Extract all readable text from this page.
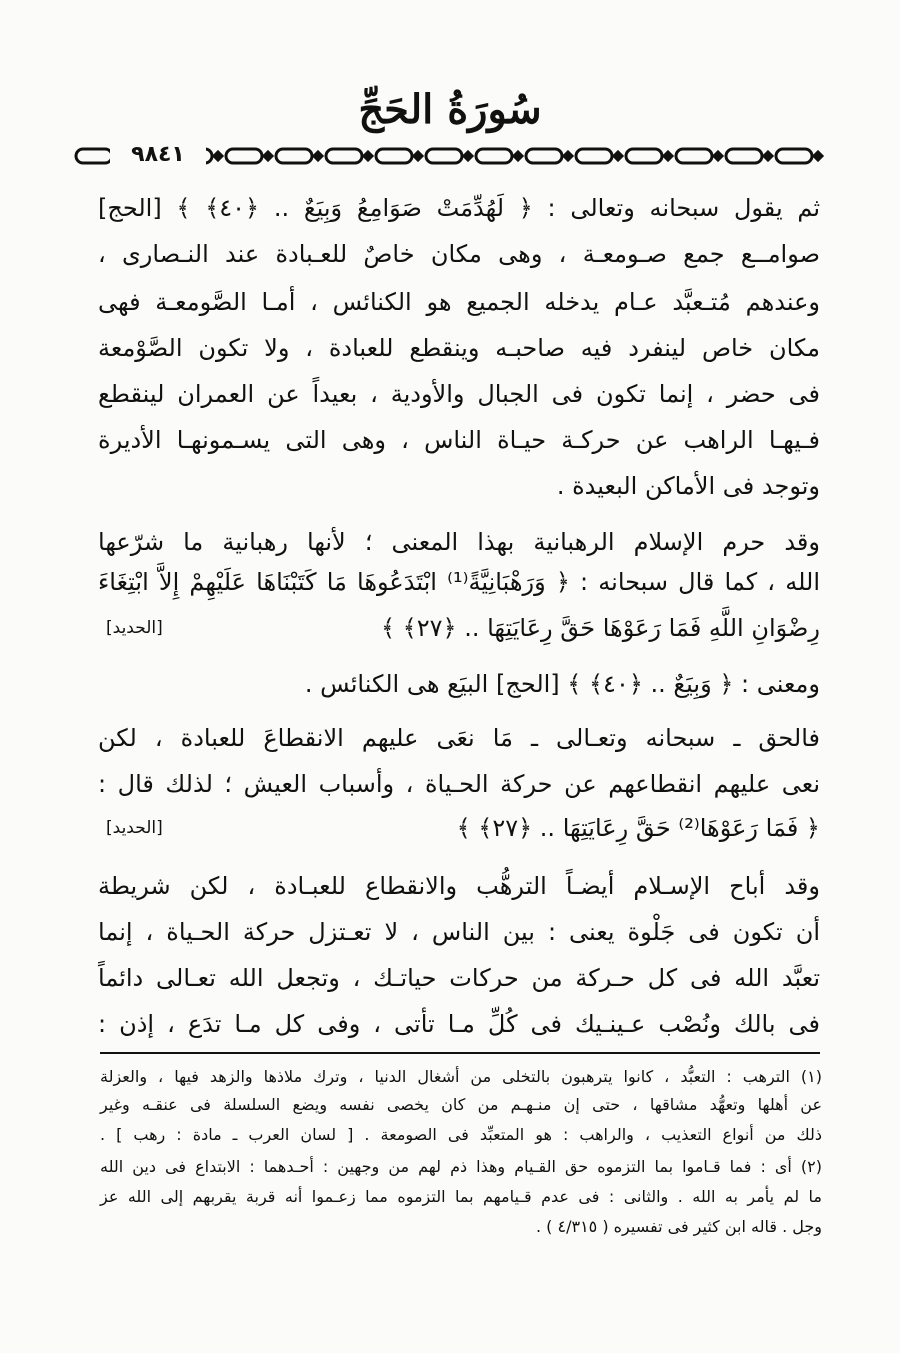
سُورَةُ الحَجِّ
٩٨٤١
ثم يقول سبحانه وتعالى : ﴿ لَهُدِّمَتْ صَوَامِعُ وَبِيَعٌ .. ﴿٤٠﴾ ﴾ [الحج]
صوامــع جمع صـومعـة ، وهى مكان خاصٌ للعـبادة عند النـصارى ،
وعندهم مُتـعبَّد عـام يدخله الجميع هو الكنائس ، أمـا الصَّومعـة فهى
مكان خاص لينفرد فيه صاحبـه وينقطع للعبادة ، ولا تكون الصَّوْمعة
فى حضر ، إنما تكون فى الجبال والأودية ، بعيداً عن العمران لينقطع
فـيهـا الراهب عن حركـة حيـاة الناس ، وهى التى يسـمونهـا الأديرة
وتوجد فى الأماكن البعيدة .
وقد حرم الإسلام الرهبانية بهذا المعنى ؛ لأنها رهبانية ما شرّعها
الله ، كما قال سبحانه : ﴿ وَرَهْبَانِيَّةً⁽¹⁾ ابْتَدَعُوهَا مَا كَتَبْنَاهَا عَلَيْهِمْ إِلاَّ ابْتِغَاءَ
رِضْوَانِ اللَّهِ فَمَا رَعَوْهَا حَقَّ رِعَايَتِهَا .. ﴿٢٧﴾ ﴾
[الحديد]
ومعنى : ﴿ وَبِيَعٌ .. ﴿٤٠﴾ ﴾ [الحج] البيَع هى الكنائس .
فالحق ـ سبحانه وتعـالى ـ مَا نعَى عليهم الانقطاعَ للعبادة ، لكن
نعى عليهم انقطاعهم عن حركة الحـياة ، وأسباب العيش ؛ لذلك قال :
﴿ فَمَا رَعَوْهَا⁽²⁾ حَقَّ رِعَايَتِهَا .. ﴿٢٧﴾ ﴾
[الحديد]
وقد أباح الإسـلام أيضـاً الترهُّب والانقطاع للعبـادة ، لكن شريطة
أن تكون فى جَلْوة يعنى : بين الناس ، لا تعـتزل حركة الحـياة ، إنما
تعبَّد الله فى كل حـركة من حركات حياتـك ، وتجعل الله تعـالى دائماً
فى بالك ونُصْب عـينـيك فى كُلِّ مـا تأتى ، وفى كل مـا تدَع ، إذن :
(١) الترهب : التعبُّد ، كانوا يترهبون بالتخلى من أشغال الدنيا ، وترك ملاذها والزهد فيها ، والعزلة
عن أهلها وتعهُّد مشاقها ، حتى إن منـهـم من كان يخصى نفسه ويضع السلسلة فى عنقـه وغير
ذلك من أنواع التعذيب ، والراهب : هو المتعبِّد فى الصومعة . [ لسان العرب ـ مادة : رهب ] .
(٢) أى : فما قـاموا بما التزموه حق القـيام وهذا ذم لهم من وجهين : أحـدهما : الابتداع فى دين الله
ما لم يأمر به الله . والثانى : فى عدم قـيامهم بما التزموه مما زعـموا أنه قربة يقربهم إلى الله عز
وجل . قاله ابن كثير فى تفسيره ( ٤/٣١٥ ) .
